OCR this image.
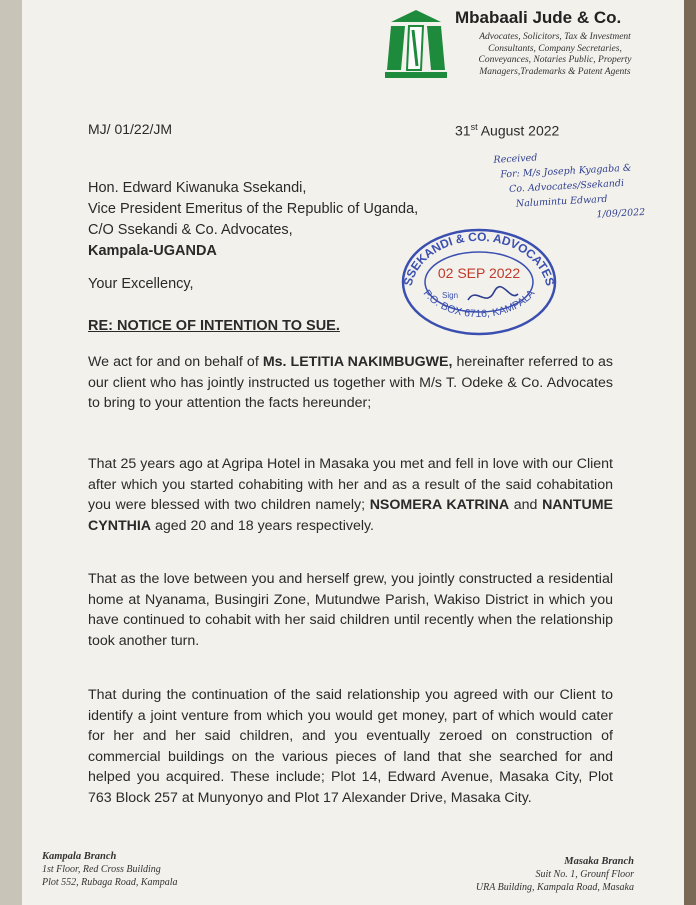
Mbabaali Jude & Co.
Advocates, Solicitors, Tax & Investment
Consultants, Company Secretaries,
Conveyances, Notaries Public, Property
Managers,Trademarks & Patent Agents
MJ/ 01/22/JM	31st August 2022
Hon. Edward Kiwanuka Ssekandi,
Vice President Emeritus of the Republic of Uganda,
C/O Ssekandi & Co. Advocates,
Kampala-UGANDA
Received
For: M/s Joseph Kyagaba &
Co. Advocates/Ssekandi
Nalumintu Edward
1/09/2022
SSEKANDI & CO. ADVOCATES
P.O. BOX 6716, KAMPALA
02 SEP 2022
Sign
Your Excellency,
RE: NOTICE OF INTENTION TO SUE.
We act for and on behalf of Ms. LETITIA NAKIMBUGWE, hereinafter referred to as our client who has jointly instructed us together with M/s T. Odeke & Co. Advocates to bring to your attention the facts hereunder;
That 25 years ago at Agripa Hotel in Masaka you met and fell in love with our Client after which you started cohabiting with her and as a result of the said cohabitation you were blessed with two children namely; NSOMERA KATRINA and NANTUME CYNTHIA aged 20 and 18 years respectively.
That as the love between you and herself grew, you jointly constructed a residential home at Nyanama, Busingiri Zone, Mutundwe Parish, Wakiso District in which you have continued to cohabit with her said children until recently when the relationship took another turn.
That during the continuation of the said relationship you agreed with our Client to identify a joint venture from which you would get money, part of which would cater for her and her said children, and you eventually zeroed on construction of commercial buildings on the various pieces of land that she searched for and helped you acquired. These include; Plot 14, Edward Avenue, Masaka City, Plot 763 Block 257 at Munyonyo and Plot 17 Alexander Drive, Masaka City.
Kampala Branch
1st Floor, Red Cross Building
Plot 552, Rubaga Road, Kampala
Masaka Branch
Suit No. 1, Grounf Floor
URA Building, Kampala Road, Masaka
